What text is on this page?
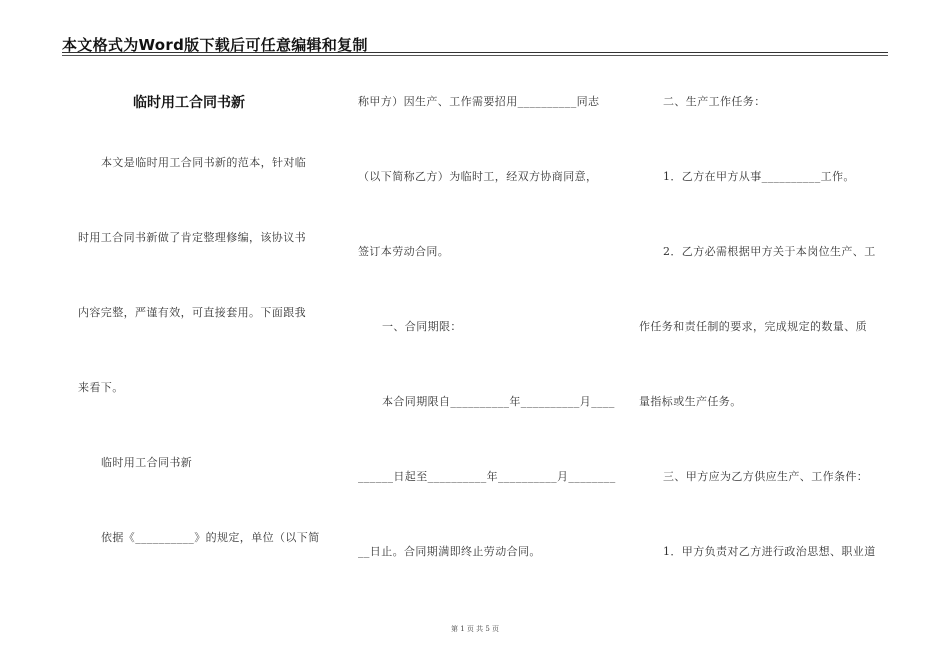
本文格式为Word版下载后可任意编辑和复制
临时用工合同书新
本文是临时用工合同书新的范本，针对临
时用工合同书新做了肯定整理修编，该协议书
内容完整，严谨有效，可直接套用。下面跟我
来看下。
临时用工合同书新
依据《__________》的规定，单位（以下简
称甲方）因生产、工作需要招用__________同志
（以下简称乙方）为临时工，经双方协商同意，
签订本劳动合同。
一、合同期限：
本合同期限自__________年__________月____
______日起至__________年__________月________
__日止。合同期满即终止劳动合同。
二、生产工作任务：
1．乙方在甲方从事__________工作。
2．乙方必需根据甲方关于本岗位生产、工
作任务和责任制的要求，完成规定的数量、质
量指标或生产任务。
三、甲方应为乙方供应生产、工作条件：
1．甲方负责对乙方进行政治思想、职业道
第 1 页 共 5 页
